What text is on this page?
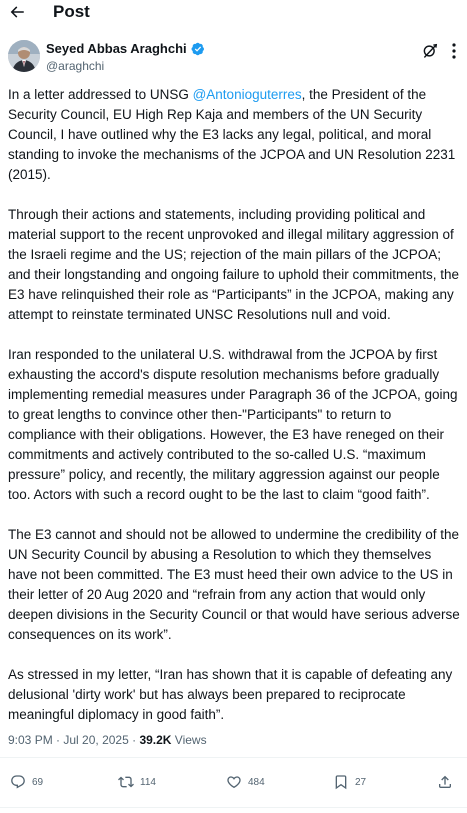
Post
Seyed Abbas Araghchi
@araghchi

In a letter addressed to UNSG @Antonioguterres, the President of the Security Council, EU High Rep Kaja and members of the UN Security Council, I have outlined why the E3 lacks any legal, political, and moral standing to invoke the mechanisms of the JCPOA and UN Resolution 2231 (2015).

Through their actions and statements, including providing political and material support to the recent unprovoked and illegal military aggression of the Israeli regime and the US; rejection of the main pillars of the JCPOA; and their longstanding and ongoing failure to uphold their commitments, the E3 have relinquished their role as “Participants” in the JCPOA, making any attempt to reinstate terminated UNSC Resolutions null and void.

Iran responded to the unilateral U.S. withdrawal from the JCPOA by first exhausting the accord's dispute resolution mechanisms before gradually implementing remedial measures under Paragraph 36 of the JCPOA, going to great lengths to convince other then-"Participants" to return to compliance with their obligations. However, the E3 have reneged on their commitments and actively contributed to the so-called U.S. “maximum pressure” policy, and recently, the military aggression against our people too. Actors with such a record ought to be the last to claim “good faith”.

The E3 cannot and should not be allowed to undermine the credibility of the UN Security Council by abusing a Resolution to which they themselves have not been committed. The E3 must heed their own advice to the US in their letter of 20 Aug 2020 and “refrain from any action that would only deepen divisions in the Security Council or that would have serious adverse consequences on its work”.

As stressed in my letter, “Iran has shown that it is capable of defeating any delusional 'dirty work' but has always been prepared to reciprocate meaningful diplomacy in good faith”.

9:03 PM · Jul 20, 2025 · 39.2K Views
69	114	484	27
